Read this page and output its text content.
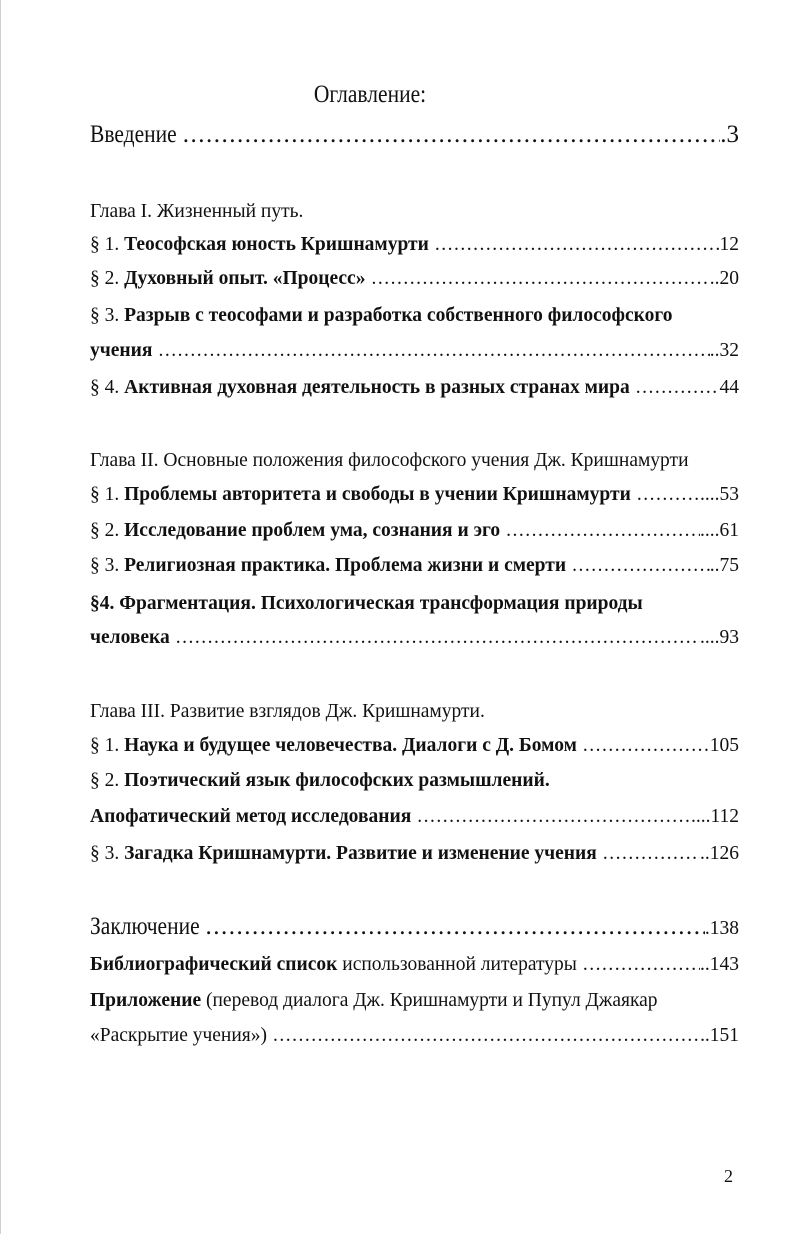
Оглавление:
Введение .....	.3
Глава I. Жизненный путь.
§ 1. Теософская юность Кришнамурти .....	12
§ 2. Духовный опыт. «Процесс» .....	..20
§ 3. Разрыв с теософами и разработка собственного философского
учения .....	..32
§ 4. Активная духовная деятельность в разных странах мира .....	44
Глава II. Основные положения философского учения Дж. Кришнамурти
§ 1. Проблемы авторитета и свободы в учении Кришнамурти .....	....53
§ 2. Исследование проблем ума, сознания и эго .....	....61
§ 3. Религиозная практика. Проблема жизни и смерти .....	..75
§4. Фрагментация. Психологическая трансформация природы
человека .....	....93
Глава III. Развитие взглядов Дж. Кришнамурти.
§ 1. Наука и будущее человечества. Диалоги с Д. Бомом .....	105
§ 2. Поэтический язык философских размышлений.
Апофатический метод исследования .....	....112
§ 3. Загадка Кришнамурти. Развитие и изменение учения .....	..126
Заключение .....	.138
Библиографический список использованной литературы .....	..143
Приложение (перевод диалога Дж. Кришнамурти и Пупул Джаякар
«Раскрытие учения») .....	.151
2
